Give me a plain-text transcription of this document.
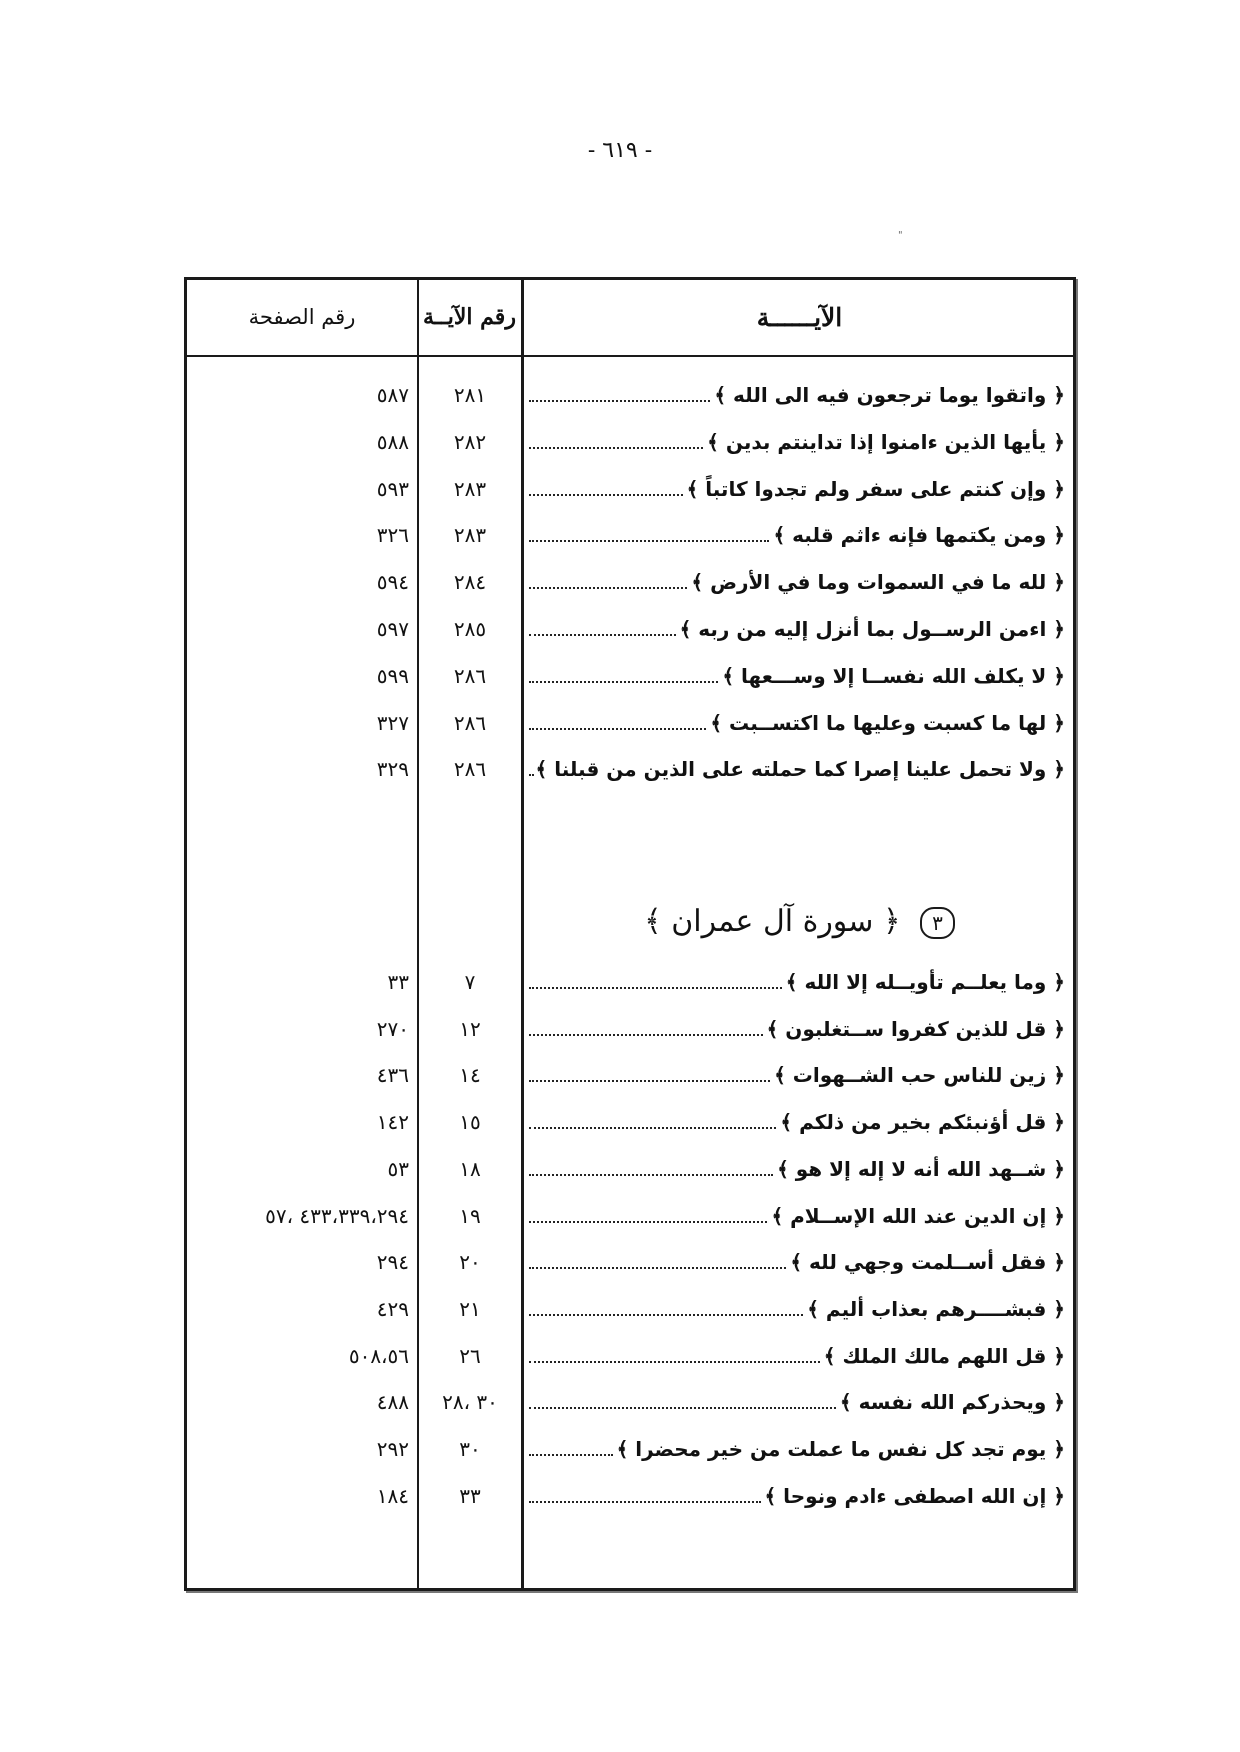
- ٦١٩ -
"
رقم الصفحة	رقم الآيــة	الآيــــــة
٥٨٧	٢٨١	﴿ واتقوا يوما ترجعون فيه الى الله ﴾
٥٨٨	٢٨٢	﴿ يأيها الذين ءامنوا إذا تداينتم بدين ﴾
٥٩٣	٢٨٣	﴿ وإن كنتم على سفر ولم تجدوا كاتباً ﴾
٣٢٦	٢٨٣	﴿ ومن يكتمها فإنه ءاثم قلبه ﴾
٥٩٤	٢٨٤	﴿ لله ما في السموات وما في الأرض ﴾
٥٩٧	٢٨٥	﴿ اءمن الرســول بما أنزل إليه من ربه ﴾
٥٩٩	٢٨٦	﴿ لا يكلف الله نفســا إلا وســـعها ﴾
٣٢٧	٢٨٦	﴿ لها ما كسبت وعليها ما اكتســبت ﴾
٣٢٩	٢٨٦	﴿ ولا تحمل علينا إصرا كما حملته على الذين من قبلنا ﴾
٣ ﴿ سورة آل عمران ﴾
٣٣	٧	﴿ وما يعلــم تأويــله إلا الله ﴾
٢٧٠	١٢	﴿ قل للذين كفروا ســتغلبون ﴾
٤٣٦	١٤	﴿ زين للناس حب الشــهوات ﴾
١٤٢	١٥	﴿ قل أؤنبئكم بخير من ذلكم ﴾
٥٣	١٨	﴿ شــهد الله أنه لا إله إلا هو ﴾
٤٣٣،٣٣٩،٢٩٤ ،٥٧	١٩	﴿ إن الدين عند الله الإســلام ﴾
٢٩٤	٢٠	﴿ فقل أســلمت وجهي لله ﴾
٤٢٩	٢١	﴿ فبشــــرهم بعذاب أليم ﴾
٥٠٨،٥٦	٢٦	﴿ قل اللهم مالك الملك ﴾
٤٨٨	٣٠ ،٢٨	﴿ ويحذركم الله نفسه ﴾
٢٩٢	٣٠	﴿ يوم تجد كل نفس ما عملت من خير محضرا ﴾
١٨٤	٣٣	﴿ إن الله اصطفى ءادم ونوحا ﴾
